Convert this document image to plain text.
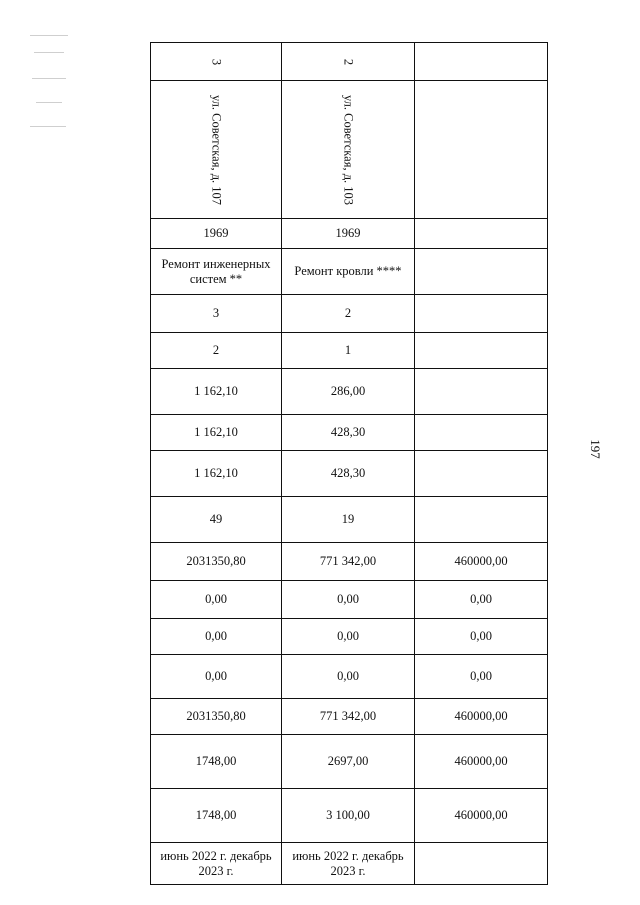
3	2	

ул. Советская, д. 107	ул. Советская, д. 103	

1969	1969	
Ремонт инженерных систем **	Ремонт кровли ****	
3	2	
2	1	
1 162,10	286,00	
1 162,10	428,30	
1 162,10	428,30	
49	19	
2031350,80	771 342,00	460000,00
0,00	0,00	0,00
0,00	0,00	0,00
0,00	0,00	0,00
2031350,80	771 342,00	460000,00
1748,00	2697,00	460000,00
1748,00	3 100,00	460000,00
июнь 2022 г. декабрь 2023 г.	июнь 2022 г. декабрь 2023 г.	
197
